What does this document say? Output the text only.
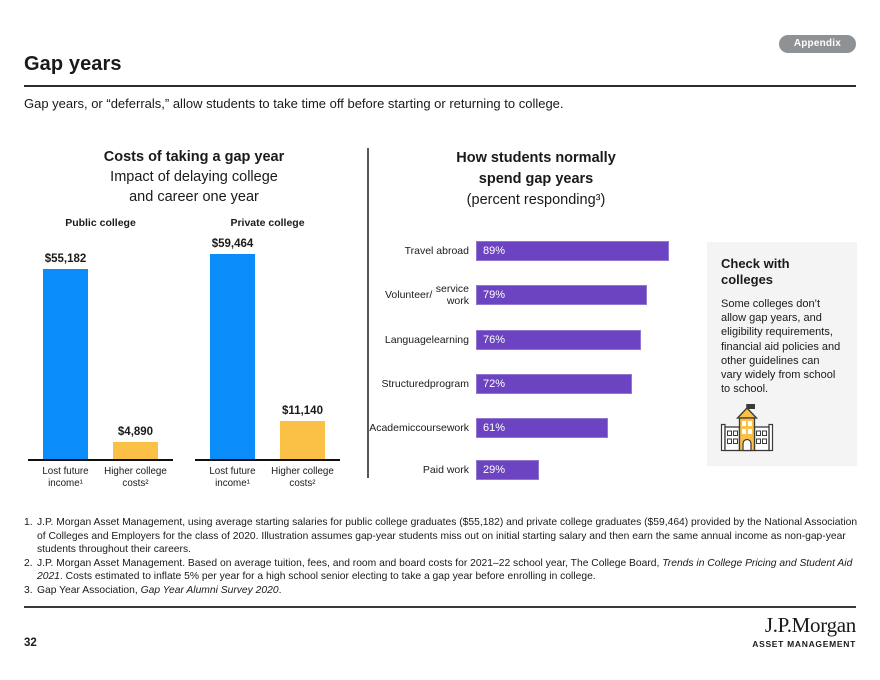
Appendix
Gap years

Gap years, or “deferrals,” allow students to take time off before starting or returning to college.

Costs of taking a gap year
Impact of delaying college
and career one year
Public college
$55,182
Lost future
income¹
$4,890
Higher college
costs²
Private college
$59,464
Lost future
income¹
$11,140
Higher college
costs²
How students normally
spend gap years
(percent responding³)
Travel abroad	89%
Volunteer/
service work	79%
Language learning	76%
Structured program	72%
Academic coursework	61%
Paid work	29%
Check with colleges

Some colleges don’t allow gap years, and eligibility requirements, financial aid policies and other guidelines can vary widely from school to school.

1. J.P. Morgan Asset Management, using average starting salaries for public college graduates ($55,182) and private college graduates ($59,464) provided by the National Association of Colleges and Employers for the class of 2020. Illustration assumes gap-year students miss out on initial starting salary and then earn the same annual income as non-gap-year students throughout their careers.
2. J.P. Morgan Asset Management. Based on average tuition, fees, and room and board costs for 2021–22 school year, The College Board, Trends in College Pricing and Student Aid 2021. Costs estimated to inflate 5% per year for a high school senior electing to take a gap year before enrolling in college.
3. Gap Year Association, Gap Year Alumni Survey 2020.
32
J.P.Morgan
ASSET MANAGEMENT
